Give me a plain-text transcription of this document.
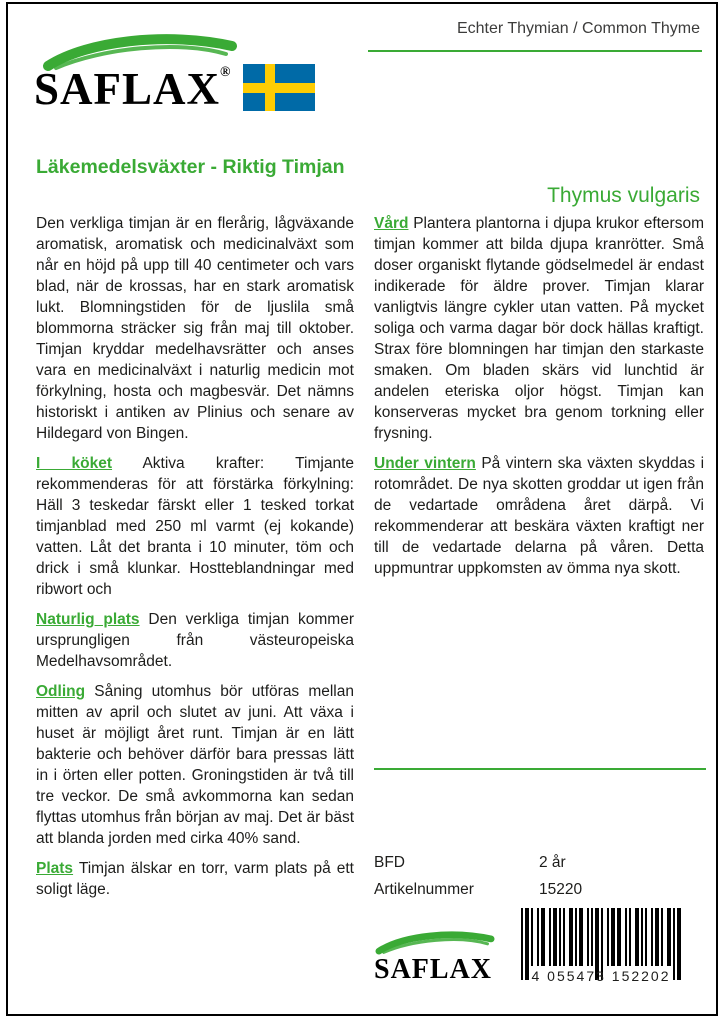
Echter Thymian / Common Thyme
SAFLAX®
Läkemedelsväxter - Riktig Timjan
Thymus vulgaris

Den verkliga timjan är en flerårig, lågväxande aromatisk, aromatisk och medicinalväxt som når en höjd på upp till 40 centimeter och vars blad, när de krossas, har en stark aromatisk lukt. Blomningstiden för de ljuslila små blommorna sträcker sig från maj till oktober. Timjan kryddar medelhavsrätter och anses vara en medicinalväxt i naturlig medicin mot förkylning, hosta och magbesvär. Det nämns historiskt i antiken av Plinius och senare av Hildegard von Bingen.

I köket Aktiva krafter: Timjante rekommenderas för att förstärka förkylning: Häll 3 teskedar färskt eller 1 tesked torkat timjanblad med 250 ml varmt (ej kokande) vatten. Låt det branta i 10 minuter, töm och drick i små klunkar. Hostteblandningar med ribwort och

Naturlig plats Den verkliga timjan kommer ursprungligen från västeuropeiska Medelhavsområdet.

Odling Såning utomhus bör utföras mellan mitten av april och slutet av juni. Att växa i huset är möjligt året runt. Timjan är en lätt bakterie och behöver därför bara pressas lätt in i örten eller potten. Groningstiden är två till tre veckor. De små avkommorna kan sedan flyttas utomhus från början av maj. Det är bäst att blanda jorden med cirka 40% sand.

Plats Timjan älskar en torr, varm plats på ett soligt läge.

Vård Plantera plantorna i djupa krukor eftersom timjan kommer att bilda djupa kranrötter. Små doser organiskt flytande gödselmedel är endast indikerade för äldre prover. Timjan klarar vanligtvis längre cykler utan vatten. På mycket soliga och varma dagar bör dock hällas kraftigt. Strax före blomningen har timjan den starkaste smaken. Om bladen skärs vid lunchtid är andelen eteriska oljor högst. Timjan kan konserveras mycket bra genom torkning eller frysning.

Under vintern På vintern ska växten skyddas i rotområdet. De nya skotten groddar ut igen från de vedartade områdena året därpå. Vi rekommenderar att beskära växten kraftigt ner till de vedartade delarna på våren. Detta uppmuntrar uppkomsten av ömma nya skott.

BFD	2 år
Artikelnummer	15220
SAFLAX	4 055473 152202
